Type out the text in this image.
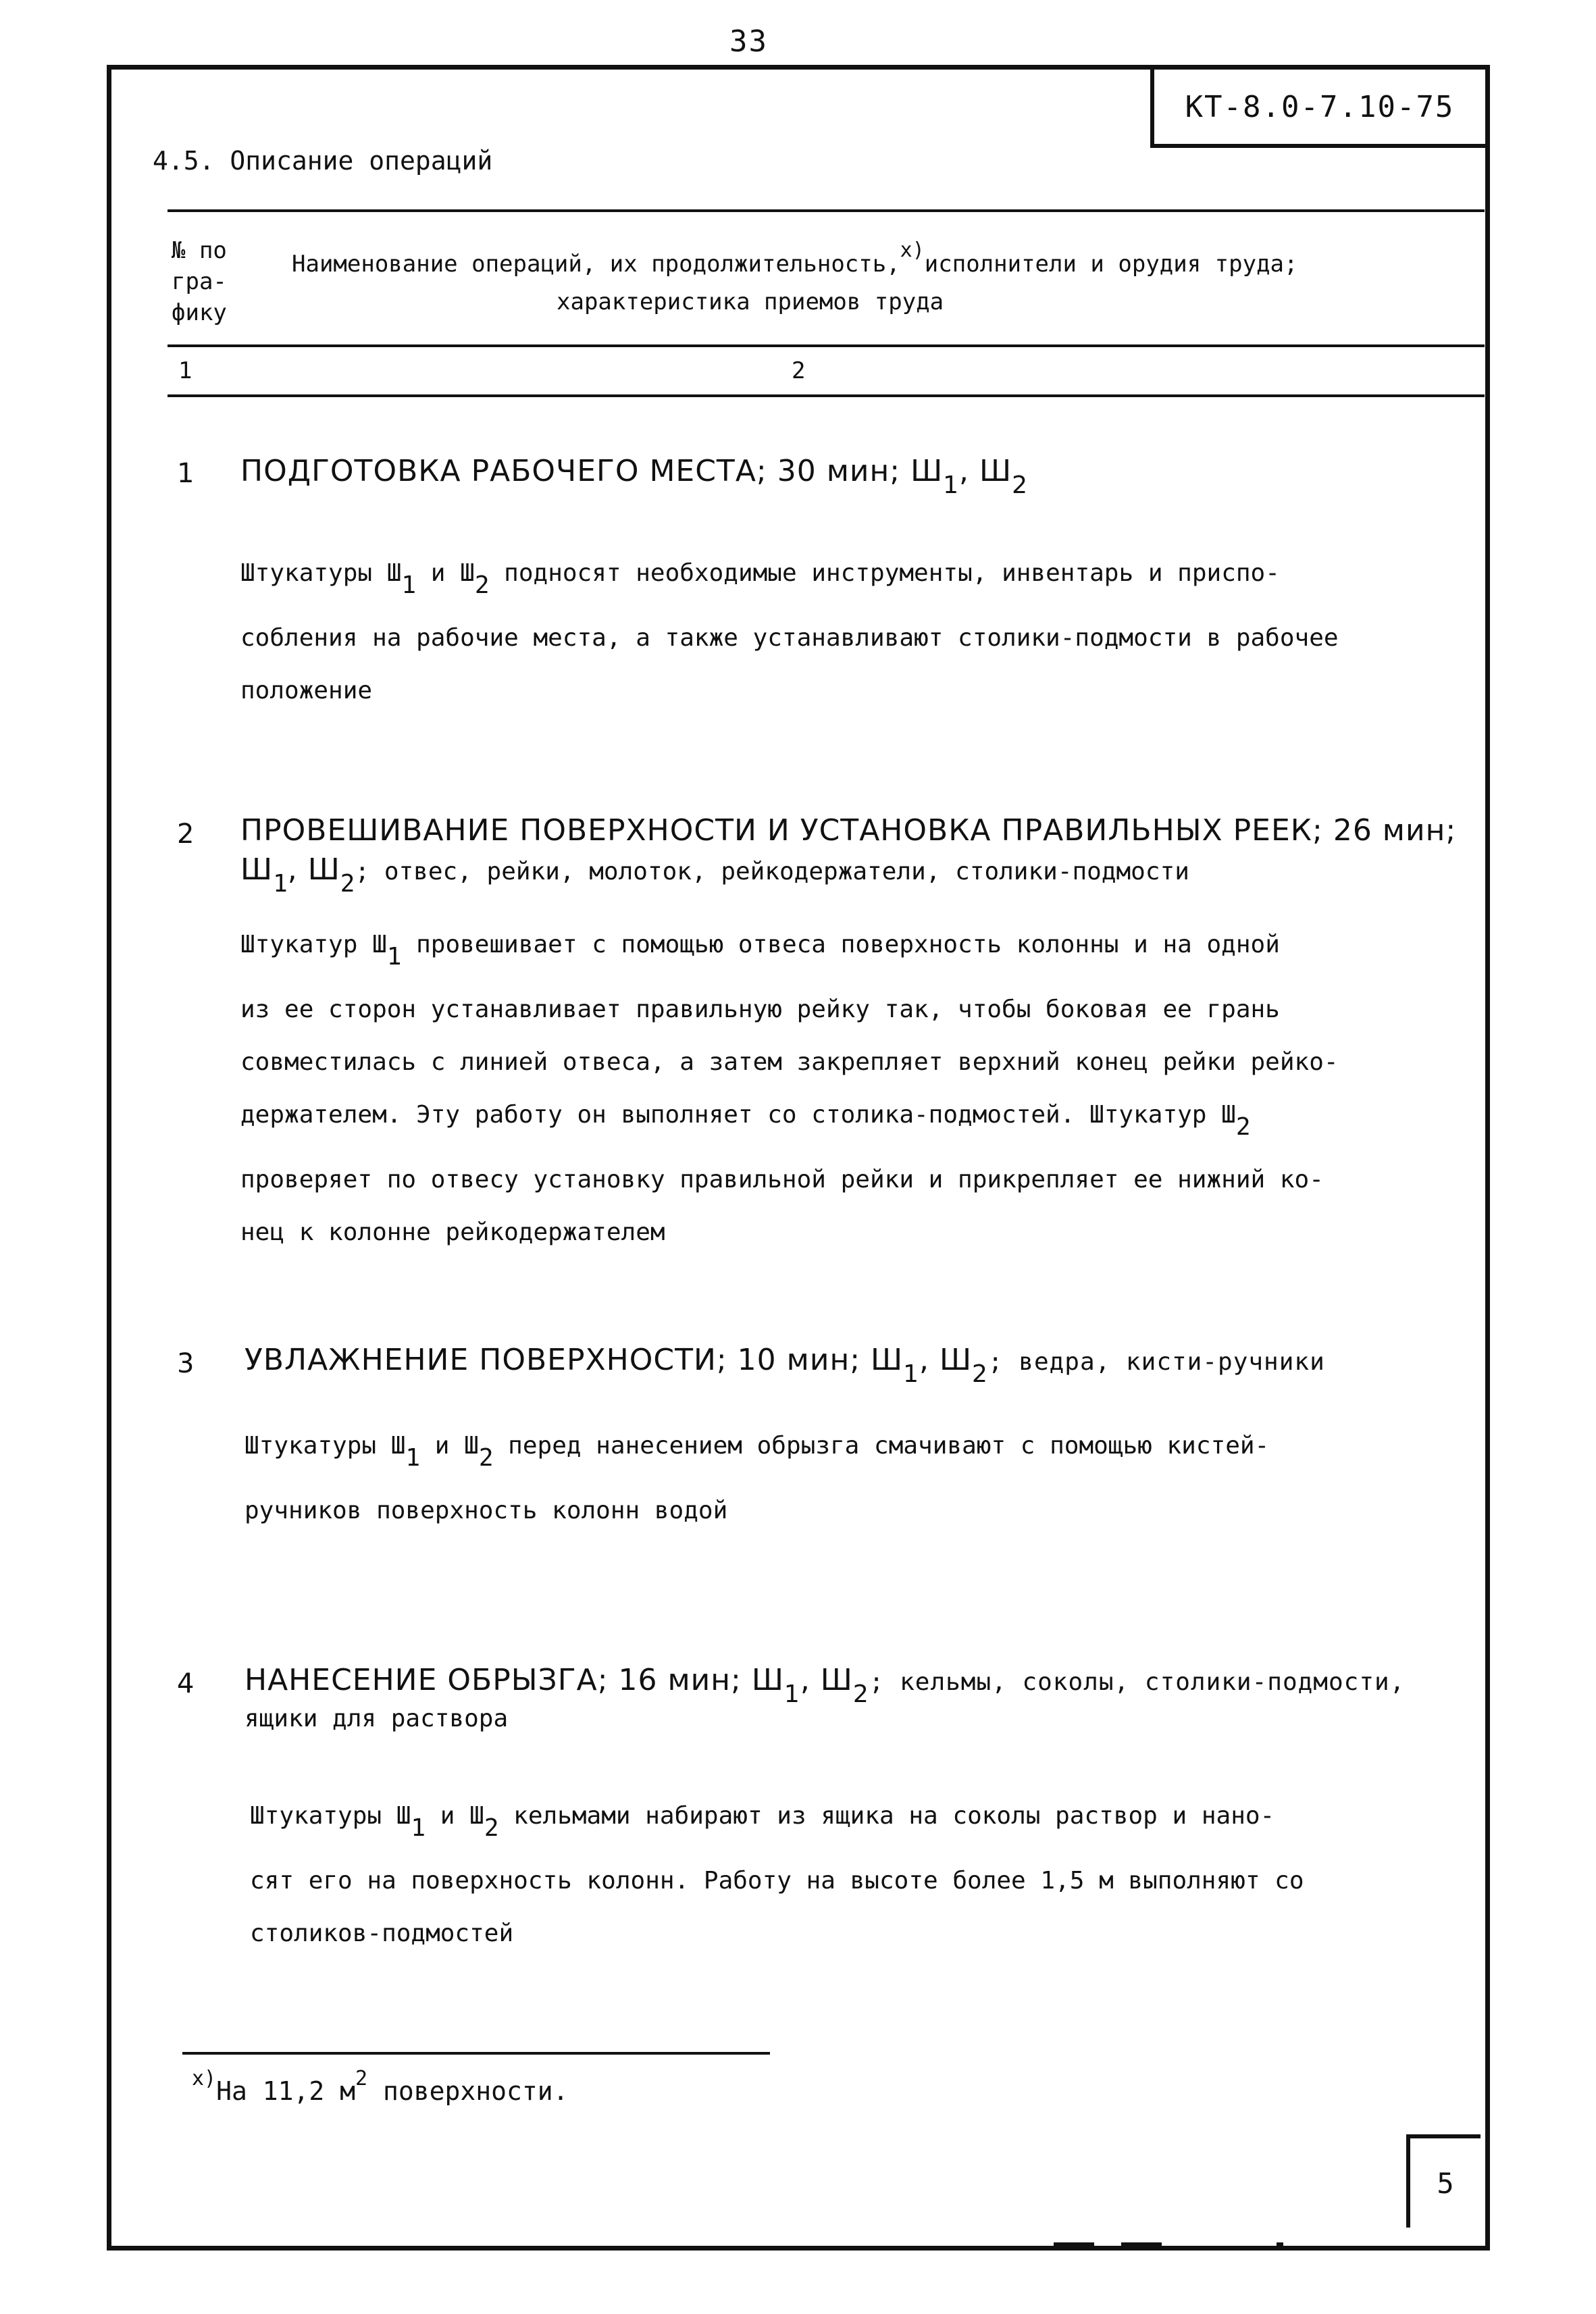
33
КТ-8.0-7.10-75
4.5. Описание операций
№ по
гра-
фику
Наименование операций, их продолжительность,$^{x)}$исполнители и орудия труда;
характеристика приемов труда
1	2
1 ПОДГОТОВКА РАБОЧЕГО МЕСТА; 30 мин; $Ш_1$, $Ш_2$
Штукатуры $Ш_1$ и $Ш_2$ подносят необходимые инструменты, инвентарь и приспо-
собления на рабочие места, а также устанавливают столики-подмости в рабочее
положение
2 ПРОВЕШИВАНИЕ ПОВЕРХНОСТИ И УСТАНОВКА ПРАВИЛЬНЫХ РЕЕК; 26 мин;
$Ш_1$, $Ш_2$; отвес, рейки, молоток, рейкодержатели, столики-подмости
Штукатур $Ш_1$ провешивает с помощью отвеса поверхность колонны и на одной
из ее сторон устанавливает правильную рейку так, чтобы боковая ее грань
совместилась с линией отвеса, а затем закрепляет верхний конец рейки рейко-
держателем. Эту работу он выполняет со столика-подмостей. Штукатур $Ш_2$
проверяет по отвесу установку правильной рейки и прикрепляет ее нижний ко-
нец к колонне рейкодержателем
3 УВЛАЖНЕНИЕ ПОВЕРХНОСТИ; 10 мин; $Ш_1$, $Ш_2$; ведра, кисти-ручники
Штукатуры $Ш_1$ и $Ш_2$ перед нанесением обрызга смачивают с помощью кистей-
ручников поверхность колонн водой
4 НАНЕСЕНИЕ ОБРЫЗГА; 16 мин; $Ш_1$, $Ш_2$; кельмы, соколы, столики-подмости,
ящики для раствора
Штукатуры $Ш_1$ и $Ш_2$ кельмами набирают из ящика на соколы раствор и нано-
сят его на поверхность колонн. Работу на высоте более 1,5 м выполняют со
столиков-подмостей
$^{x)}$На 11,2 $м^2$ поверхности.
5
